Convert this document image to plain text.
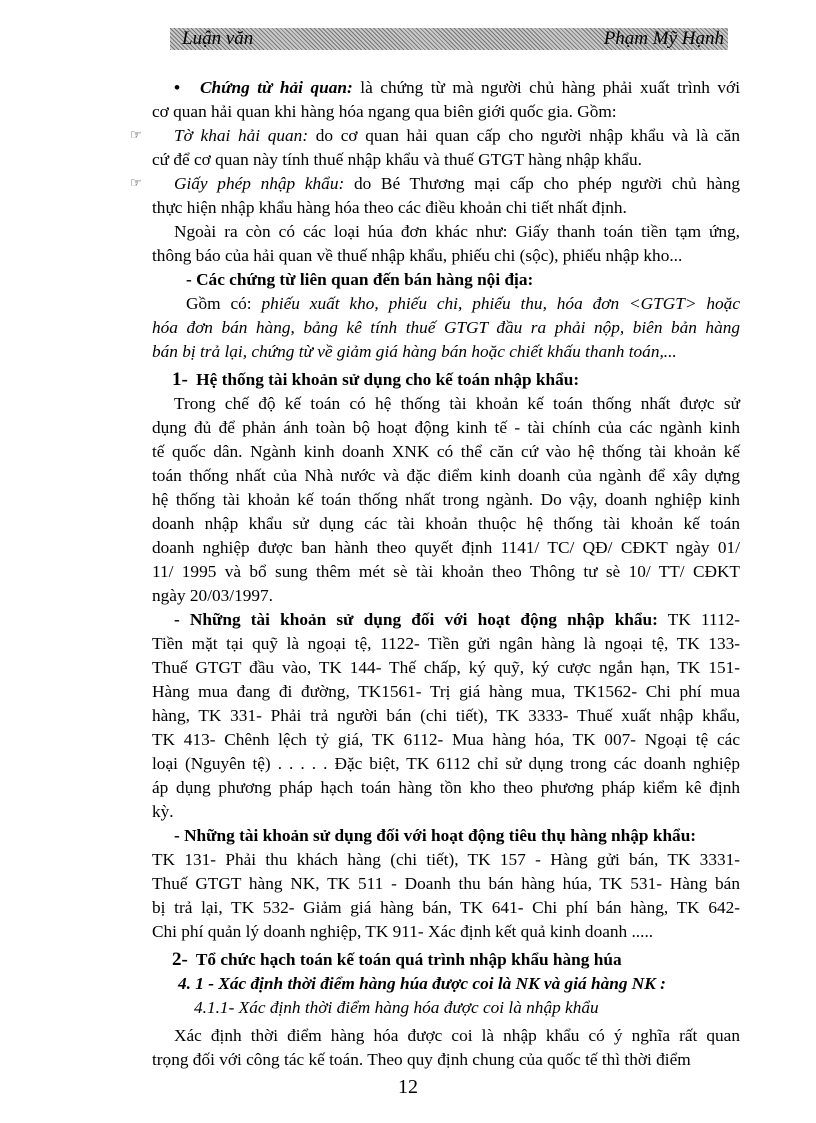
Luận văn	Phạm Mỹ Hạnh
• Chứng từ hải quan: là chứng từ mà người chủ hàng phải xuất trình với
cơ quan hải quan khi hàng hóa ngang qua biên giới quốc gia. Gồm:
☞ Tờ khai hải quan: do cơ quan hải quan cấp cho người nhập khẩu và là căn
cứ để cơ quan này tính thuế nhập khẩu và thuế GTGT hàng nhập khẩu.
☞ Giấy phép nhập khẩu: do Bé Thương mại cấp cho phép người chủ hàng
thực hiện nhập khẩu hàng hóa theo các điều khoản chi tiết nhất định.
Ngoài ra còn có các loại húa đơn khác như: Giấy thanh toán tiền tạm ứng,
thông báo của hải quan về thuế nhập khẩu, phiếu chi (sộc), phiếu nhập kho...
- Các chứng từ liên quan đến bán hàng nội địa:
Gồm có: phiếu xuất kho, phiếu chi, phiếu thu, hóa đơn <GTGT> hoặc
hóa đơn bán hàng, bảng kê tính thuế GTGT đầu ra phải nộp, biên bản hàng
bán bị trả lại, chứng từ về giảm giá hàng bán hoặc chiết khấu thanh toán,...
1- Hệ thống tài khoản sử dụng cho kế toán nhập khẩu:
Trong chế độ kế toán có hệ thống tài khoản kế toán thống nhất được sử
dụng đủ để phản ánh toàn bộ hoạt động kinh tế - tài chính của các ngành kinh
tế quốc dân. Ngành kinh doanh XNK có thể căn cứ vào hệ thống tài khoản kế
toán thống nhất của Nhà nước và đặc điểm kinh doanh của ngành để xây dựng
hệ thống tài khoản kế toán thống nhất trong ngành. Do vậy, doanh nghiệp kinh
doanh nhập khẩu sử dụng các tài khoản thuộc hệ thống tài khoản kế toán
doanh nghiệp được ban hành theo quyết định 1141/ TC/ QĐ/ CĐKT ngày 01/
11/ 1995 và bổ sung thêm mét sè tài khoản theo Thông tư sè 10/ TT/ CĐKT
ngày 20/03/1997.
- Những tài khoản sử dụng đối với hoạt động nhập khẩu: TK 1112-
Tiền mặt tại quỹ là ngoại tệ, 1122- Tiền gửi ngân hàng là ngoại tệ, TK 133-
Thuế GTGT đầu vào, TK 144- Thế chấp, ký quỹ, ký cược ngắn hạn, TK 151-
Hàng mua đang đi đường, TK1561- Trị giá hàng mua, TK1562- Chi phí mua
hàng, TK 331- Phải trả người bán (chi tiết), TK 3333- Thuế xuất nhập khẩu,
TK 413- Chênh lệch tỷ giá, TK 6112- Mua hàng hóa, TK 007- Ngoại tệ các
loại (Nguyên tệ) . . . . . Đặc biệt, TK 6112 chỉ sử dụng trong các doanh nghiệp
áp dụng phương pháp hạch toán hàng tồn kho theo phương pháp kiểm kê định
kỳ.
- Những tài khoản sử dụng đối với hoạt động tiêu thụ hàng nhập khẩu:
TK 131- Phải thu khách hàng (chi tiết), TK 157 - Hàng gửi bán, TK 3331-
Thuế GTGT hàng NK, TK 511 - Doanh thu bán hàng húa, TK 531- Hàng bán
bị trả lại, TK 532- Giảm giá hàng bán, TK 641- Chi phí bán hàng, TK 642-
Chi phí quản lý doanh nghiệp, TK 911- Xác định kết quả kinh doanh .....
2- Tổ chức hạch toán kế toán quá trình nhập khẩu hàng húa
4. 1 - Xác định thời điểm hàng húa được coi là NK và giá hàng NK :
4.1.1- Xác định thời điểm hàng hóa được coi là nhập khẩu
Xác định thời điểm hàng hóa được coi là nhập khẩu có ý nghĩa rất quan
trọng đối với công tác kế toán. Theo quy định chung của quốc tế thì thời điểm
12
